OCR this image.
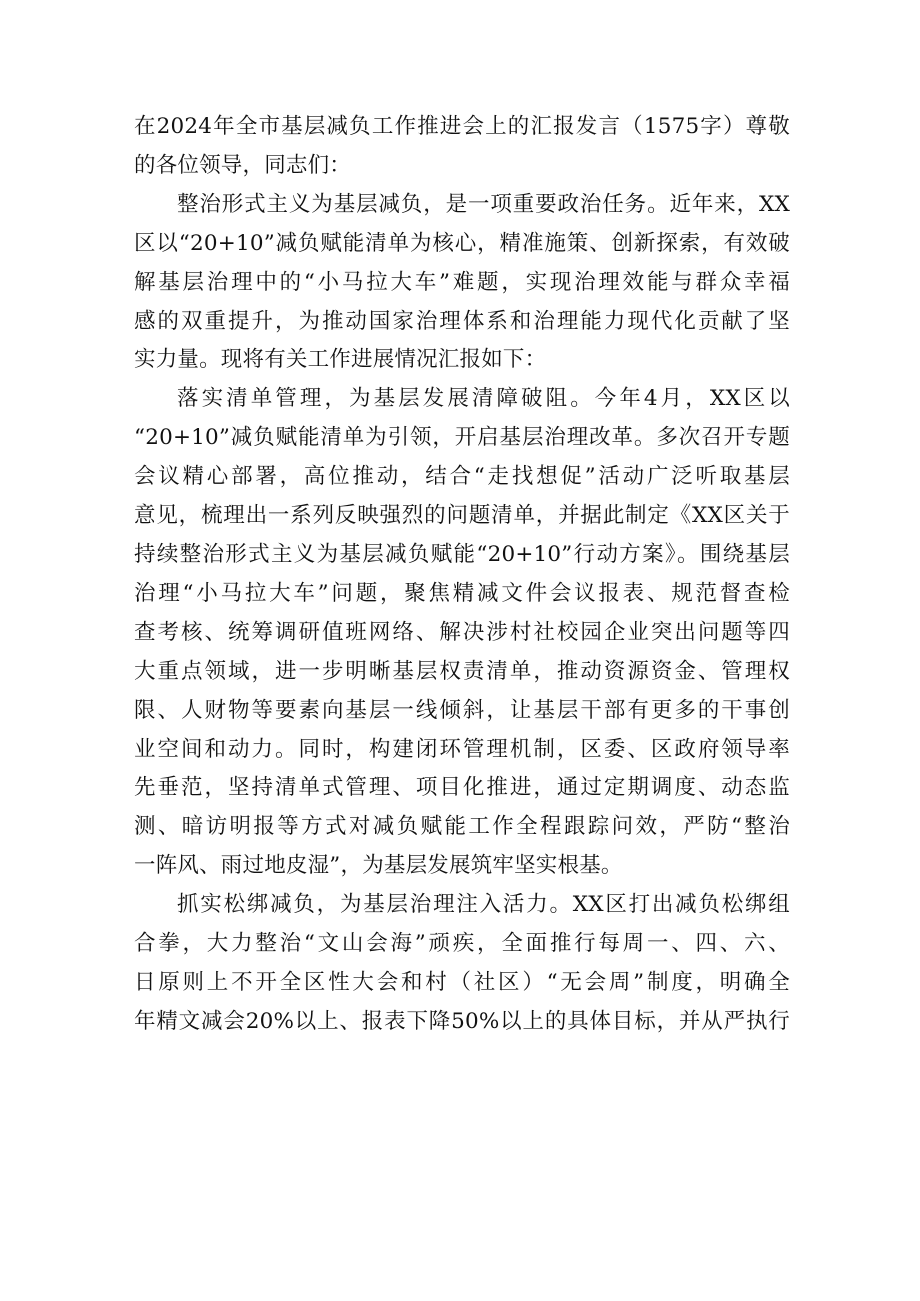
在2024年全市基层减负工作推进会上的汇报发言（1575字）尊敬
的各位领导，同志们：

整治形式主义为基层减负，是一项重要政治任务。近年来，XX
区以“20+10”减负赋能清单为核心，精准施策、创新探索，有效破
解基层治理中的“小马拉大车”难题，实现治理效能与群众幸福
感的双重提升，为推动国家治理体系和治理能力现代化贡献了坚
实力量。现将有关工作进展情况汇报如下：

落实清单管理，为基层发展清障破阻。今年4月，XX区以
“20+10”减负赋能清单为引领，开启基层治理改革。多次召开专题
会议精心部署，高位推动，结合“走找想促”活动广泛听取基层
意见，梳理出一系列反映强烈的问题清单，并据此制定《XX区关于
持续整治形式主义为基层减负赋能“20+10”行动方案》。围绕基层
治理“小马拉大车”问题，聚焦精减文件会议报表、规范督查检
查考核、统筹调研值班网络、解决涉村社校园企业突出问题等四
大重点领域，进一步明晰基层权责清单，推动资源资金、管理权
限、人财物等要素向基层一线倾斜，让基层干部有更多的干事创
业空间和动力。同时，构建闭环管理机制，区委、区政府领导率
先垂范，坚持清单式管理、项目化推进，通过定期调度、动态监
测、暗访明报等方式对减负赋能工作全程跟踪问效，严防“整治
一阵风、雨过地皮湿”，为基层发展筑牢坚实根基。

抓实松绑减负，为基层治理注入活力。XX区打出减负松绑组
合拳，大力整治“文山会海”顽疾，全面推行每周一、四、六、
日原则上不开全区性大会和村（社区）“无会周”制度，明确全
年精文减会20%以上、报表下降50%以上的具体目标，并从严执行
